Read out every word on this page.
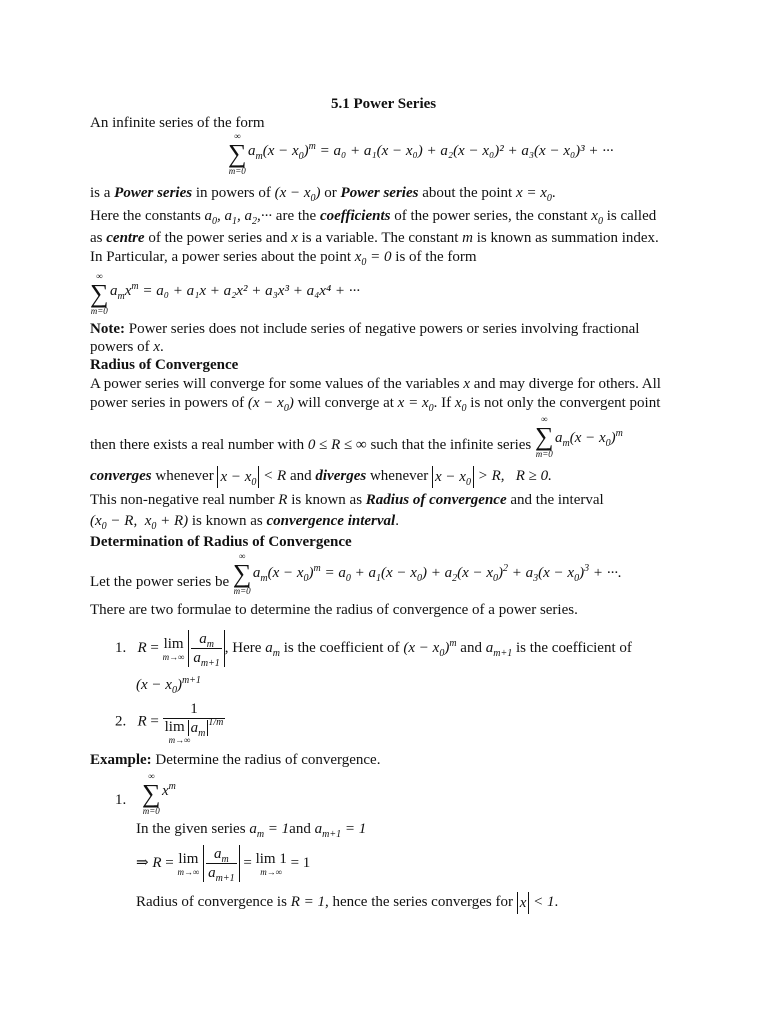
5.1 Power Series
An infinite series of the form
∞
∑
m=0
$a_m(x - x_0)^m = a_0 + a_1(x - x_0) + a_2(x - x_0)^2 + a_3(x - x_0)^3$ + ···
is a Power series in powers of $(x - x_0)$ or Power series about the point $x = x_0$.
Here the constants $a_0$, $a_1$, $a_2,\cdot\cdot\cdot$ are the coefficients of the power series, the constant $x_0$ is called
as centre of the power series and x is a variable. The constant m is known as summation index.
In Particular, a power series about the point $x_0 = 0$ is of the form
∞
∑
m=0
$a_mx^m = a_0 + a_1x + a_2x^2 + a_3x^3 + a_4x^4$ + ···
Note: Power series does not include series of negative powers or series involving fractional
powers of x.
Radius of Convergence
A power series will converge for some values of the variables x and may diverge for others. All
power series in powers of $(x - x_0)$ will converge at $x = x_0$. If $x_0$ is not only the convergent point
then there exists a real number with 0 ≤ R ≤ ∞ such that the infinite series
∞
∑
m=0
$a_m(x - x_0)^m$
converges whenever $x - x_0 < R$ and diverges whenever $x - x_0 > R$,   R ≥ 0.
This non-negative real number R is known as Radius of convergence and the interval
($x_0 - R$,  $x_0 + R$) is known as convergence interval.
Determination of Radius of Convergence
Let the power series be
∞
∑
m=0
$a_m(x - x_0)^m = a_0 + a_1(x - x_0) + a_2(x - x_0)^2 + a_3(x - x_0)^3$ + ···.
There are two formulae to determine the radius of convergence of a power series.
1. R = lim
m→∞
$\frac{a_m}{a_{m+1}}$ , Here $a_m$ is the coefficient of $(x - x_0)^m$ and $a_{m+1}$ is the coefficient of
$(x - x_0)^{m+1}$
2. R =
1
$\lim a_m^{1/m}$
m→∞
Example: Determine the radius of convergence.
1.
∞
∑
m=0
$x^m$
In the given series $a_m = 1and$ $a_{m+1} = 1$
⇒ R = lim
m→∞
$\frac{a_m}{a_{m+1}} = \lim 1$
m→∞
= 1
Radius of convergence is R = 1, hence the series converges for x < 1.
